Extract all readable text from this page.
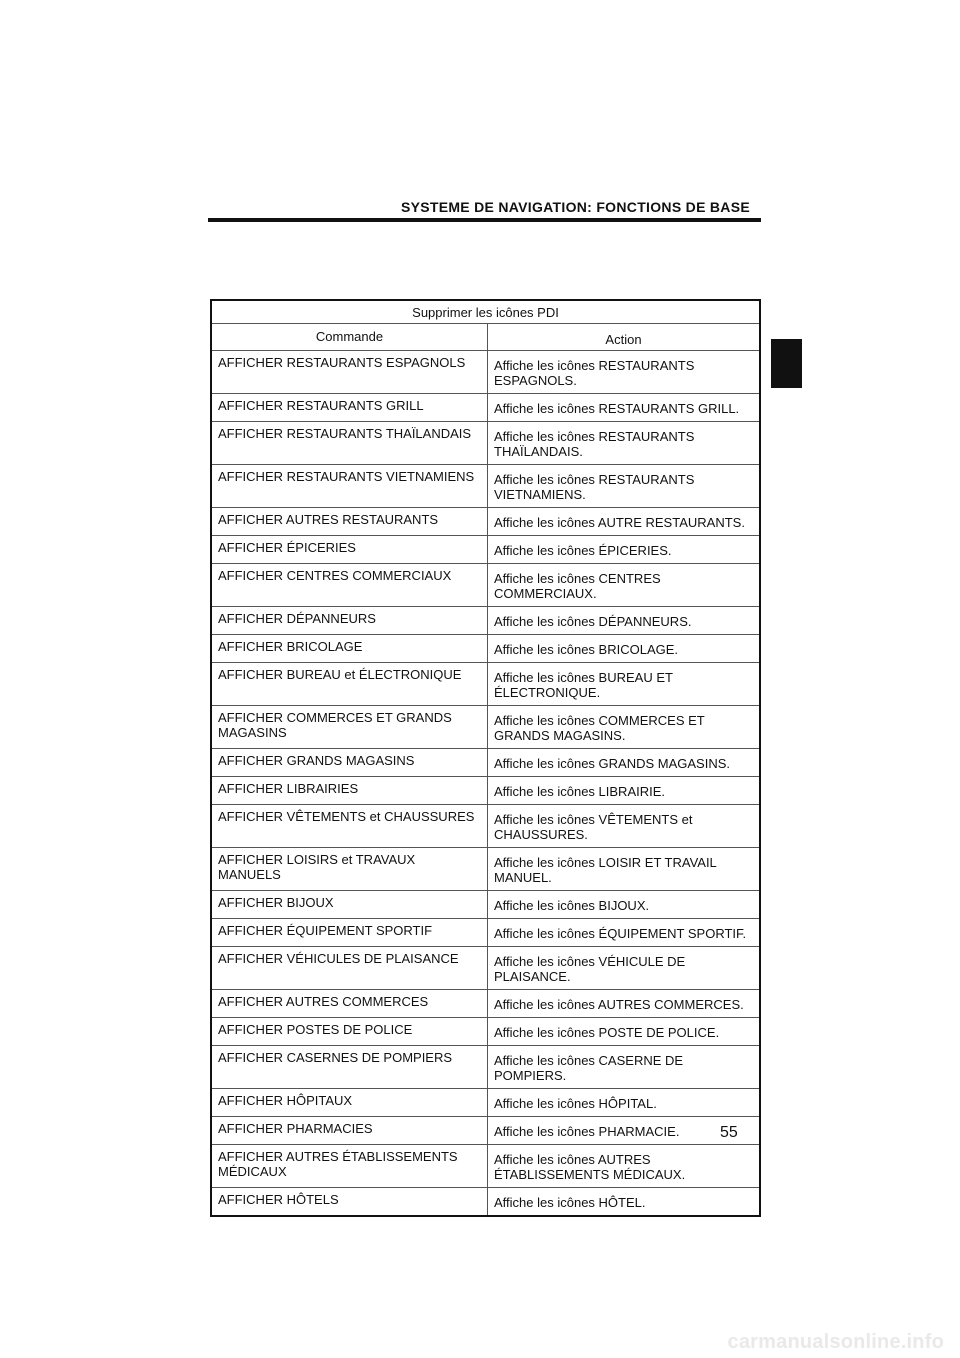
SYSTEME DE NAVIGATION: FONCTIONS DE BASE
Supprimer les icônes PDI	
Commande	Action
AFFICHER RESTAURANTS ESPAGNOLS	Affiche les icônes RESTAURANTS ESPAGNOLS.
AFFICHER RESTAURANTS GRILL	Affiche les icônes RESTAURANTS GRILL.
AFFICHER RESTAURANTS THAÏLANDAIS	Affiche les icônes RESTAURANTS THAÏLANDAIS.
AFFICHER RESTAURANTS VIETNAMIENS	Affiche les icônes RESTAURANTS VIETNAMIENS.
AFFICHER AUTRES RESTAURANTS	Affiche les icônes AUTRE RESTAURANTS.
AFFICHER ÉPICERIES	Affiche les icônes ÉPICERIES.
AFFICHER CENTRES COMMERCIAUX	Affiche les icônes CENTRES COMMERCIAUX.
AFFICHER DÉPANNEURS	Affiche les icônes DÉPANNEURS.
AFFICHER BRICOLAGE	Affiche les icônes BRICOLAGE.
AFFICHER BUREAU et ÉLECTRONIQUE	Affiche les icônes BUREAU ET ÉLECTRONIQUE.
AFFICHER COMMERCES ET GRANDS MAGASINS	Affiche les icônes COMMERCES ET GRANDS MAGASINS.
AFFICHER GRANDS MAGASINS	Affiche les icônes GRANDS MAGASINS.
AFFICHER LIBRAIRIES	Affiche les icônes LIBRAIRIE.
AFFICHER VÊTEMENTS et CHAUSSURES	Affiche les icônes VÊTEMENTS et CHAUSSURES.
AFFICHER LOISIRS et TRAVAUX MANUELS	Affiche les icônes LOISIR ET TRAVAIL MANUEL.
AFFICHER BIJOUX	Affiche les icônes BIJOUX.
AFFICHER ÉQUIPEMENT SPORTIF	Affiche les icônes ÉQUIPEMENT SPORTIF.
AFFICHER VÉHICULES DE PLAISANCE	Affiche les icônes VÉHICULE DE PLAISANCE.
AFFICHER AUTRES COMMERCES	Affiche les icônes AUTRES COMMERCES.
AFFICHER POSTES DE POLICE	Affiche les icônes POSTE DE POLICE.
AFFICHER CASERNES DE POMPIERS	Affiche les icônes CASERNE DE POMPIERS.
AFFICHER HÔPITAUX	Affiche les icônes HÔPITAL.
AFFICHER PHARMACIES	Affiche les icônes PHARMACIE.
AFFICHER AUTRES ÉTABLISSEMENTS MÉDICAUX	Affiche les icônes AUTRES ÉTABLISSEMENTS MÉDICAUX.
AFFICHER HÔTELS	Affiche les icônes HÔTEL.
55
carmanualsonline.info
